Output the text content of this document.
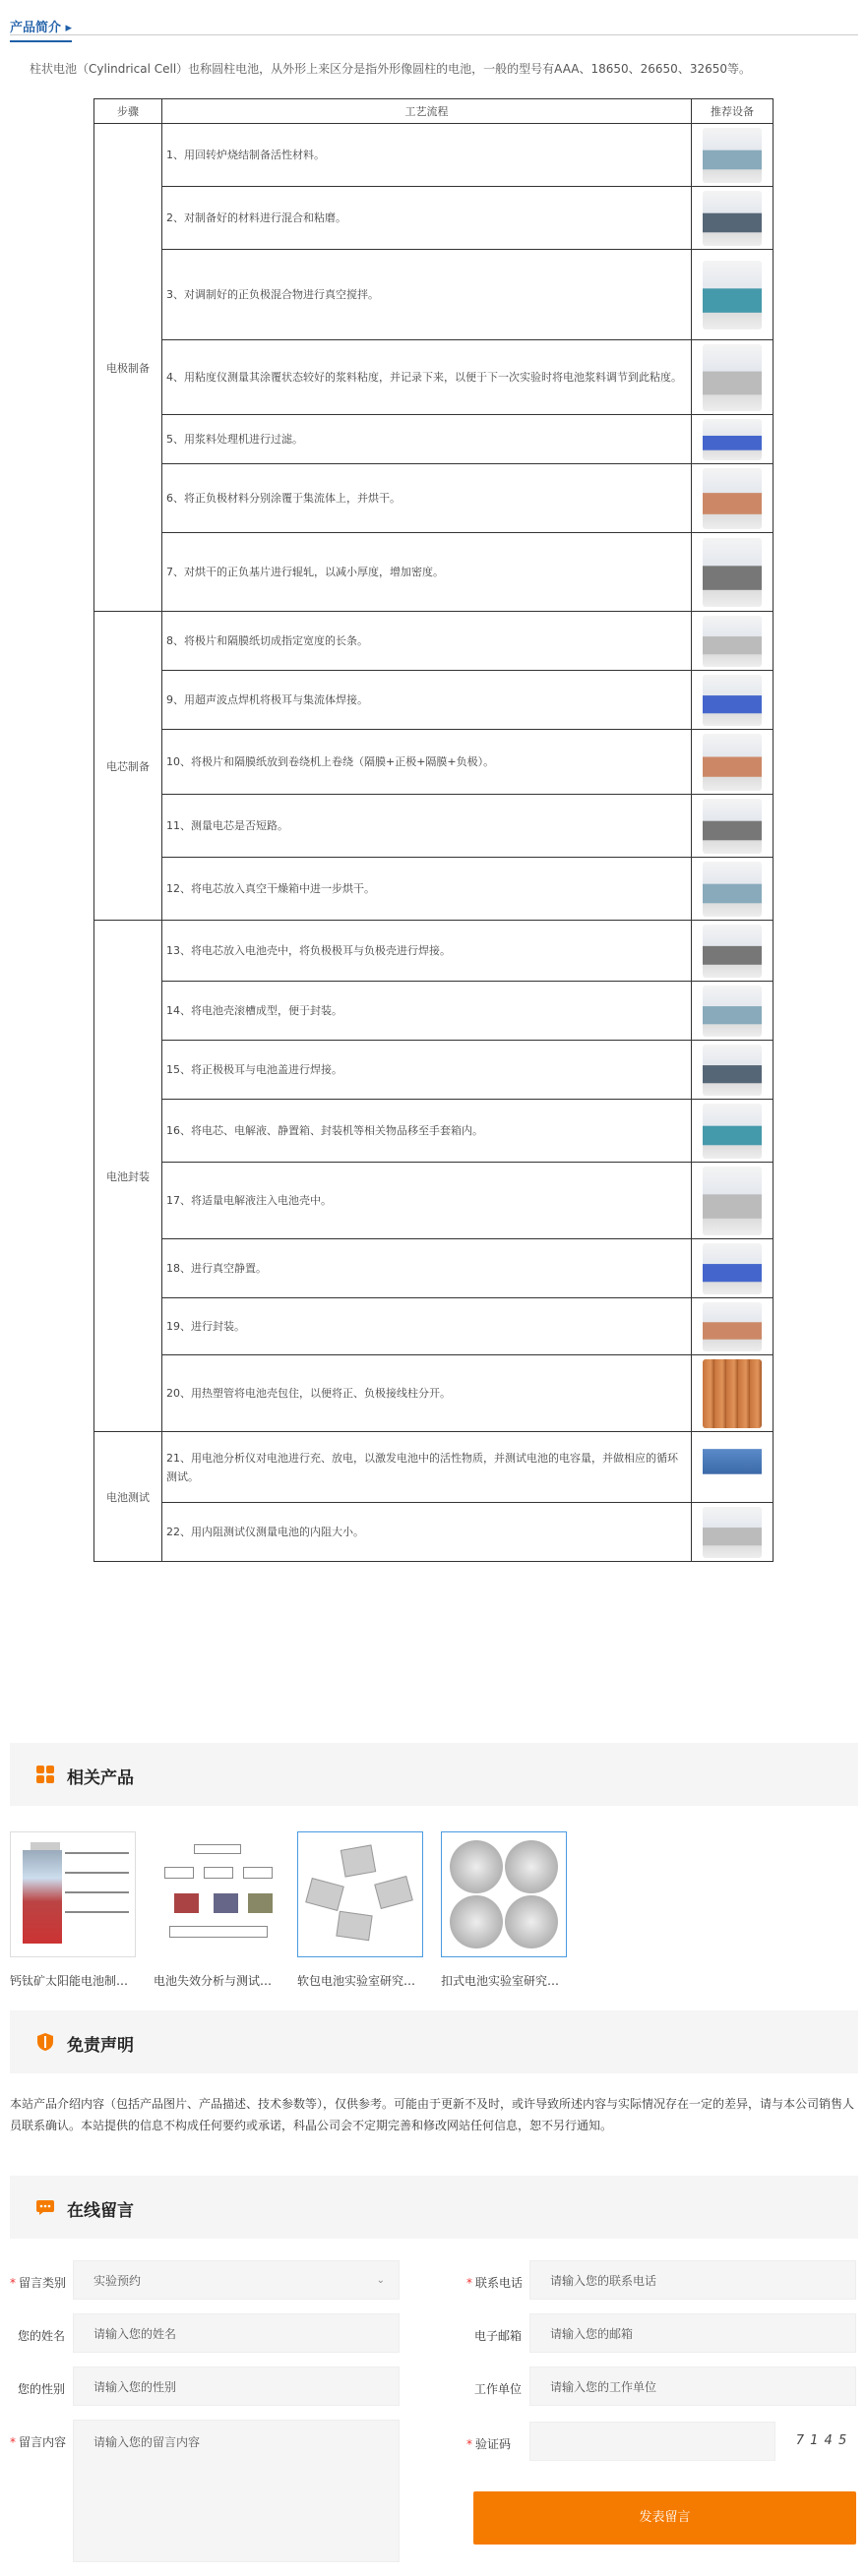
产品简介 ▸
柱状电池（Cylindrical Cell）也称圆柱电池，从外形上来区分是指外形像圆柱的电池，一般的型号有AAA、18650、26650、32650等。
步骤	工艺流程	推荐设备
电极制备	1、用回转炉烧结制备活性材料。	

	2、对制备好的材料进行混合和粘磨。	

	3、对调制好的正负极混合物进行真空搅拌。	

	4、用粘度仪测量其涂覆状态较好的浆料粘度，并记录下来，以便于下一次实验时将电池浆料调节到此粘度。	

	5、用浆料处理机进行过滤。	

	6、将正负极材料分别涂覆于集流体上，并烘干。	

	7、对烘干的正负基片进行辊轧，以减小厚度，增加密度。	

电芯制备	8、将极片和隔膜纸切成指定宽度的长条。	

	9、用超声波点焊机将极耳与集流体焊接。	

	10、将极片和隔膜纸放到卷绕机上卷绕（隔膜+正极+隔膜+负极）。	

	11、测量电芯是否短路。	

	12、将电芯放入真空干燥箱中进一步烘干。	

电池封装	13、将电芯放入电池壳中，将负极极耳与负极壳进行焊接。	

	14、将电池壳滚槽成型，便于封装。	

	15、将正极极耳与电池盖进行焊接。	

	16、将电芯、电解液、静置箱、封装机等相关物品移至手套箱内。	

	17、将适量电解液注入电池壳中。	

	18、进行真空静置。	

	19、进行封装。	

	20、用热塑管将电池壳包住，以便将正、负极接线柱分开。	

电池测试	21、用电池分析仪对电池进行充、放电，以激发电池中的活性物质，并测试电池的电容量，并做相应的循环测试。	

	22、用内阻测试仪测量电池的内阻大小。	
相关产品
钙钛矿太阳能电池制…	电池失效分析与测试…	软包电池实验室研究…	扣式电池实验室研究…
免责声明
本站产品介绍内容（包括产品图片、产品描述、技术参数等），仅供参考。可能由于更新不及时，或许导致所述内容与实际情况存在一定的差异，请与本公司销售人员联系确认。本站提供的信息不构成任何要约或承诺，科晶公司会不定期完善和修改网站任何信息，恕不另行通知。
在线留言
* 留言类别	实验预约	⌄
您的姓名	请输入您的姓名
您的性别	请输入您的性别
* 留言内容	请输入您的留言内容
* 联系电话	请输入您的联系电话
电子邮箱	请输入您的邮箱
工作单位	请输入您的工作单位
* 验证码	7 1 4 5
发表留言
